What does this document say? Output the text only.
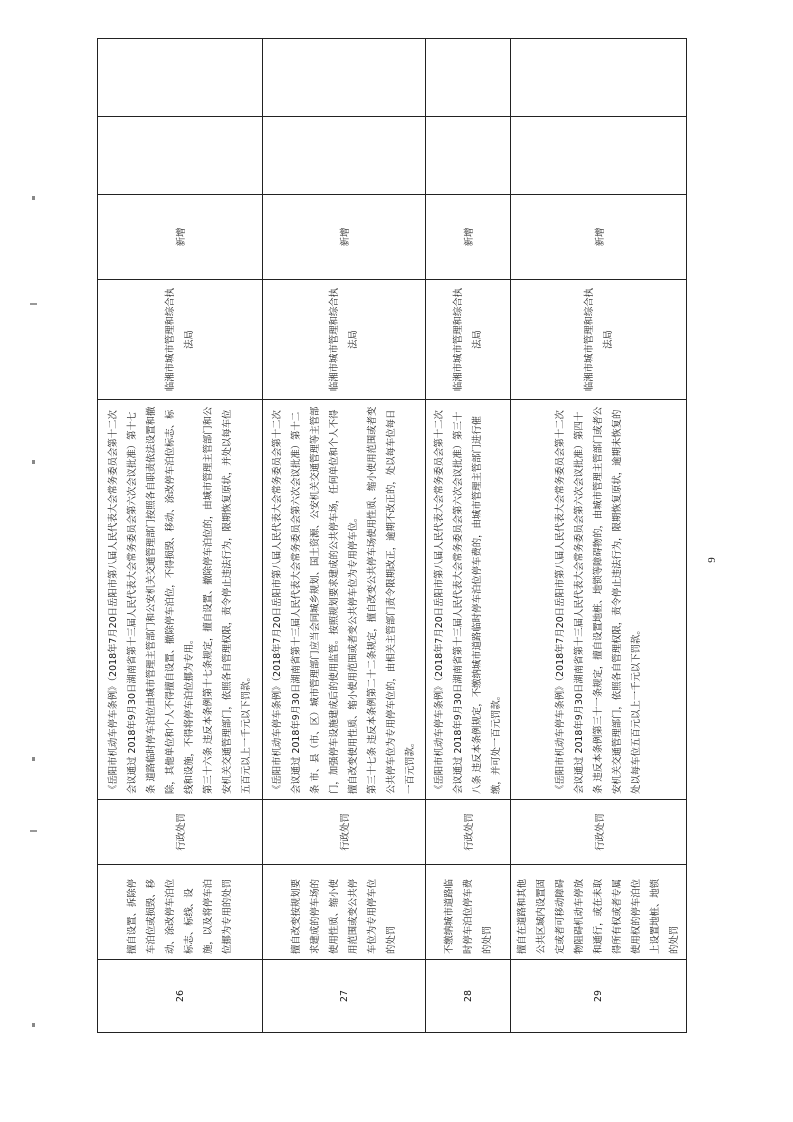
26	擅自设置、拆除停车泊位或损毁、移动、涂改停车泊位标志、标线、设施，以及将停车泊位挪为专用的处罚	行政处罚	《岳阳市机动车停车条例》（2018年7月20日岳阳市第八届人民代表大会常务委员会第十二次会议通过 2018年9月30日湖南省第十三届人民代表大会常务委员会第六次会议批准）第十七条 道路临时停车泊位由城市管理主管部门和公安机关交通管理部门按照各自职责依法设置和撤除，其他单位和个人不得擅自设置、撤除停车泊位，不得损毁、移动、涂改停车泊位标志、标线和设施，不得将停车泊位挪为专用。 第三十六条 违反本条例第十七条规定，擅自设置、撤除停车泊位的，由城市管理主管部门和公安机关交通管理部门，依照各自管理权限，责令停止违法行为，限期恢复原状，并处以每车位五百元以上一千元以下罚款。	临湘市城市管理和综合执法局	新增		
27	擅自改变按规划要求建成的停车场的使用性质、缩小使用范围或变公共停车位为专用停车位的处罚	行政处罚	《岳阳市机动车停车条例》（2018年7月20日岳阳市第八届人民代表大会常务委员会第十二次会议通过 2018年9月30日湖南省第十三届人民代表大会常务委员会第六次会议批准）第十二条 市、县（市、区）城市管理部门应当会同城乡规划、国土资源、公安机关交通管理等主管部门，加强停车设施建成后的使用监管。按照规划要求建成的公共停车场，任何单位和个人不得擅自改变使用性质、缩小使用范围或者变公共停车位为专用停车位。 第三十七条 违反本条例第二十二条规定，擅自改变公共停车场使用性质、缩小使用范围或者变公共停车位为专用停车位的，由相关主管部门责令限期改正，逾期不改正的，处以每车位每日一百元罚款。	临湘市城市管理和综合执法局	新增		
28	不缴纳城市道路临时停车泊位停车费的处罚	行政处罚	《岳阳市机动车停车条例》（2018年7月20日岳阳市第八届人民代表大会常务委员会第十二次会议通过 2018年9月30日湖南省第十三届人民代表大会常务委员会第六次会议批准）第三十八条 违反本条例规定，不缴纳城市道路临时停车泊位停车费的，由城市管理主管部门进行催缴，并可处一百元罚款。	临湘市城市管理和综合执法局	新增		
29	擅自在道路和其他公共区域内设置固定或者可移动障碍物阻碍机动车停放和通行，或在未取得所有权或者专属使用权的停车泊位上设置地桩、地锁的处罚	行政处罚	《岳阳市机动车停车条例》（2018年7月20日岳阳市第八届人民代表大会常务委员会第十二次会议通过 2018年9月30日湖南省第十三届人民代表大会常务委员会第六次会议批准）第四十条 违反本条例第三十一条规定，擅自设置地桩、地锁等障碍物的，由城市管理主管部门或者公安机关交通管理部门，依照各自管理权限，责令停止违法行为，限期恢复原状，逾期未恢复的处以每车位五百元以上一千元以下罚款。	临湘市城市管理和综合执法局	新增		
9
